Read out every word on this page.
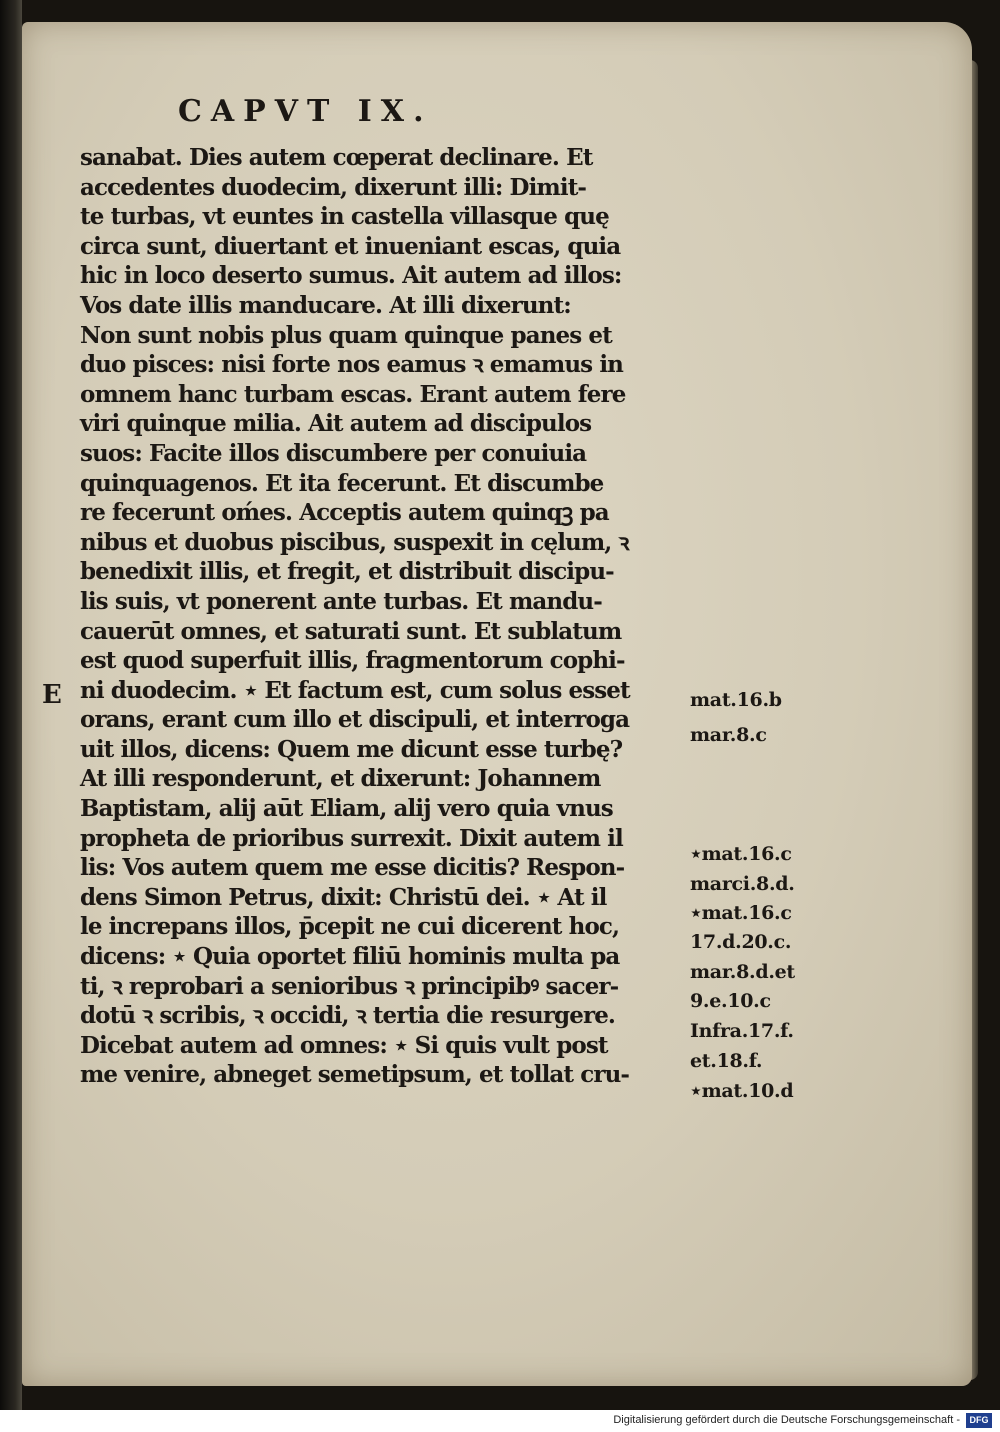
CAPVT IX.
E
sanabat. Dies autem cœperat declinare. Et
accedentes duodecim, dixerunt illi: Dimit-
te turbas, vt euntes in castella villasque quę
circa sunt, diuertant et inueniant escas, quia
hic in loco deserto sumus. Ait autem ad illos:
Vos date illis manducare. At illi dixerunt:
Non sunt nobis plus quam quinque panes et
duo pisces: nisi forte nos eamus ꝛ emamus in
omnem hanc turbam escas. Erant autem fere
viri quinque milia. Ait autem ad discipulos
suos: Facite illos discumbere per conuiuia
quinquagenos. Et ita fecerunt. Et discumbe
re fecerunt oḿes. Acceptis autem quinqꝫ pa
nibus et duobus piscibus, suspexit in cęlum, ꝛ
benedixit illis, et fregit, et distribuit discipu-
lis suis, vt ponerent ante turbas. Et mandu-
cauerūt omnes, et saturati sunt. Et sublatum
est quod superfuit illis, fragmentorum cophi-
ni duodecim. ⋆ Et factum est, cum solus esset
orans, erant cum illo et discipuli, et interroga
uit illos, dicens: Quem me dicunt esse turbę?
At illi responderunt, et dixerunt: Johannem
Baptistam, alij aūt Eliam, alij vero quia vnus
propheta de prioribus surrexit. Dixit autem il
lis: Vos autem quem me esse dicitis? Respon-
dens Simon Petrus, dixit: Christū dei. ⋆ At il
le increpans illos, p̄cepit ne cui dicerent hoc,
dicens: ⋆ Quia oportet filiū hominis multa pa
ti, ꝛ reprobari a senioribus ꝛ principibꝰ sacer-
dotū ꝛ scribis, ꝛ occidi, ꝛ tertia die resurgere.
Dicebat autem ad omnes: ⋆ Si quis vult post
me venire, abneget semetipsum, et tollat cru-
mat.16.b
mar.8.c
⋆mat.16.c
marci.8.d.
⋆mat.16.c
17.d.20.c.
mar.8.d.et
9.e.10.c
Infra.17.f.
et.18.f.
⋆mat.10.d
Digitalisierung gefördert durch die Deutsche Forschungsgemeinschaft -	DFG
